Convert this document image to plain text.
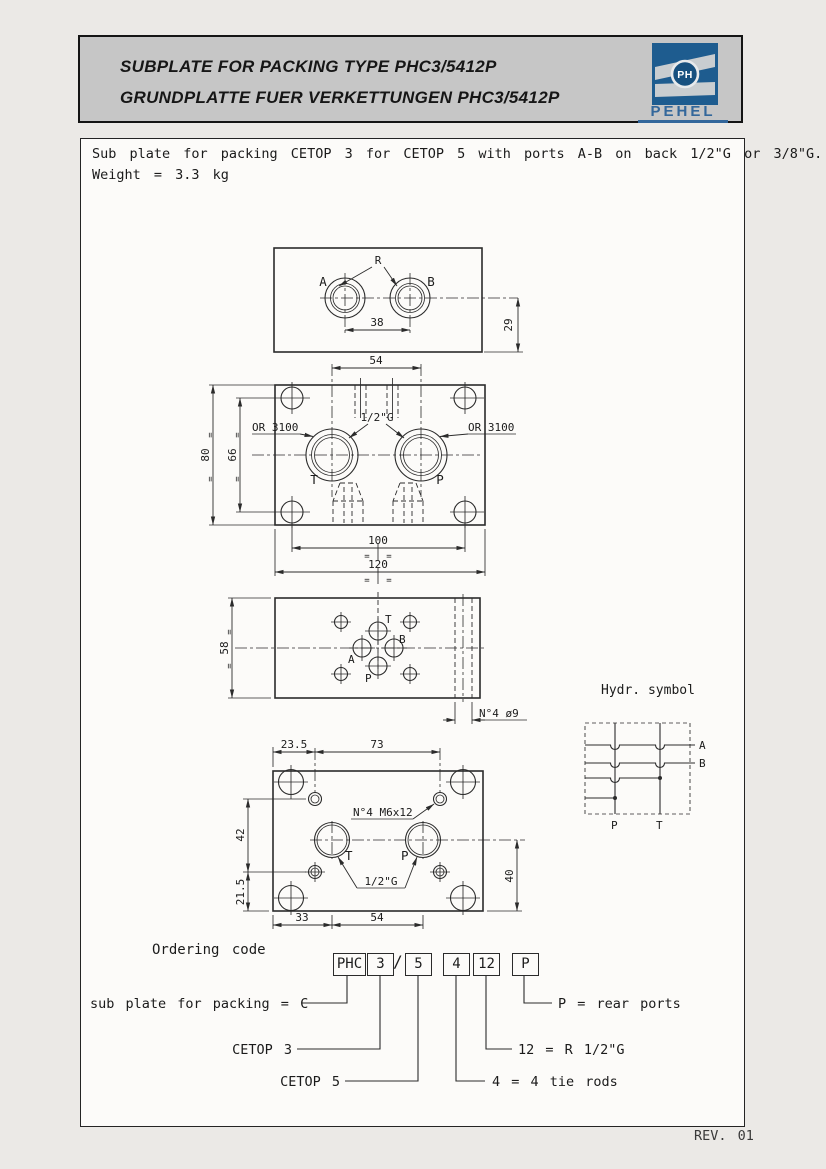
SUBPLATE FOR PACKING TYPE PHC3/5412P
GRUNDPLATTE FUER VERKETTUNGEN PHC3/5412P
PH
PEHEL
Sub plate for packing CETOP 3 for CETOP 5 with ports A-B on back 1/2"G or 3/8"G.
Weight = 3.3 kg
A	B
R
38	29
T	P
OR 3100	OR 3100
1/2"G
54
80
=
=
66
=
=
100
= =
120
= =
T
B
A
P
58
=
=
N°4 ø9
T	P
N°4 M6x12
1/2"G
23.5	73
42
21.5
40
33	54
Hydr. symbol
A
B
P	T
Ordering code
PHC	3 / 5	4	12	P
sub plate for packing = C
CETOP 3
CETOP 5	4 = 4 tie rods
12 = R 1/2"G
P = rear ports
REV. 01
